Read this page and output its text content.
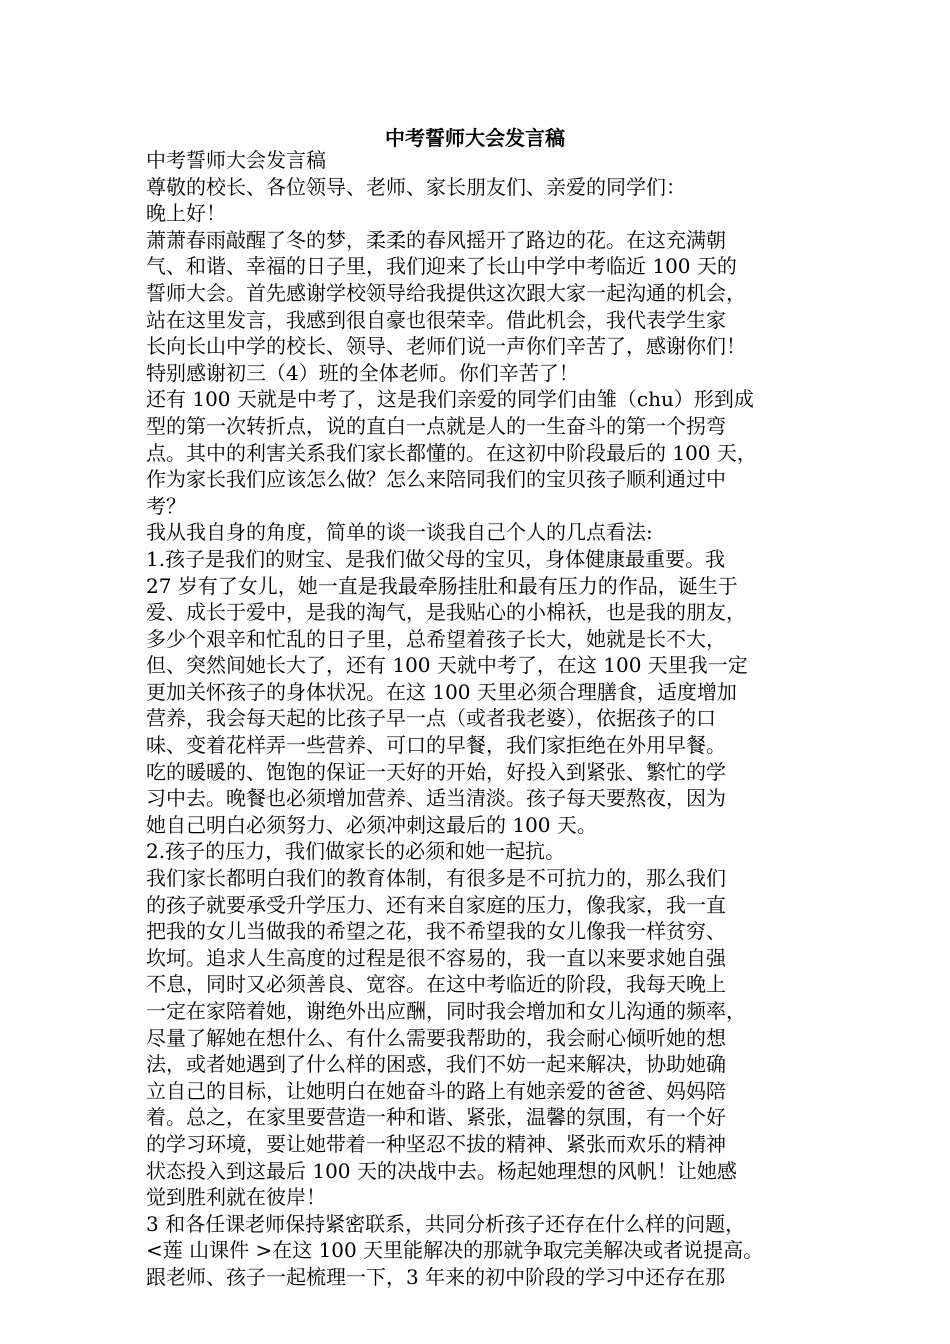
中考誓师大会发言稿
中考誓师大会发言稿
尊敬的校长、各位领导、老师、家长朋友们、亲爱的同学们：
晚上好！
萧萧春雨敲醒了冬的梦，柔柔的春风摇开了路边的花。在这充满朝
气、和谐、幸福的日子里，我们迎来了长山中学中考临近 100 天的
誓师大会。首先感谢学校领导给我提供这次跟大家一起沟通的机会，
站在这里发言，我感到很自豪也很荣幸。借此机会，我代表学生家
长向长山中学的校长、领导、老师们说一声你们辛苦了，感谢你们！
特别感谢初三（4）班的全体老师。你们辛苦了！
还有 100 天就是中考了，这是我们亲爱的同学们由雏（chu）形到成
型的第一次转折点，说的直白一点就是人的一生奋斗的第一个拐弯
点。其中的利害关系我们家长都懂的。在这初中阶段最后的 100 天，
作为家长我们应该怎么做？怎么来陪同我们的宝贝孩子顺利通过中
考？
我从我自身的角度，简单的谈一谈我自己个人的几点看法:
1.孩子是我们的财宝、是我们做父母的宝贝，身体健康最重要。我
27 岁有了女儿，她一直是我最牵肠挂肚和最有压力的作品，诞生于
爱、成长于爱中，是我的淘气，是我贴心的小棉袄，也是我的朋友，
多少个艰辛和忙乱的日子里，总希望着孩子长大，她就是长不大，
但、突然间她长大了，还有 100 天就中考了，在这 100 天里我一定
更加关怀孩子的身体状况。在这 100 天里必须合理膳食，适度增加
营养，我会每天起的比孩子早一点（或者我老婆），依据孩子的口
味、变着花样弄一些营养、可口的早餐，我们家拒绝在外用早餐。
吃的暖暖的、饱饱的保证一天好的开始，好投入到紧张、繁忙的学
习中去。晚餐也必须增加营养、适当清淡。孩子每天要熬夜，因为
她自己明白必须努力、必须冲刺这最后的 100 天。
2.孩子的压力，我们做家长的必须和她一起抗。
我们家长都明白我们的教育体制，有很多是不可抗力的，那么我们
的孩子就要承受升学压力、还有来自家庭的压力，像我家，我一直
把我的女儿当做我的希望之花，我不希望我的女儿像我一样贫穷、
坎坷。追求人生高度的过程是很不容易的，我一直以来要求她自强
不息，同时又必须善良、宽容。在这中考临近的阶段，我每天晚上
一定在家陪着她，谢绝外出应酬，同时我会增加和女儿沟通的频率，
尽量了解她在想什么、有什么需要我帮助的，我会耐心倾听她的想
法，或者她遇到了什么样的困惑，我们不妨一起来解决，协助她确
立自己的目标，让她明白在她奋斗的路上有她亲爱的爸爸、妈妈陪
着。总之，在家里要营造一种和谐、紧张，温馨的氛围，有一个好
的学习环境，要让她带着一种坚忍不拔的精神、紧张而欢乐的精神
状态投入到这最后 100 天的决战中去。杨起她理想的风帆！让她感
觉到胜利就在彼岸！
3 和各任课老师保持紧密联系，共同分析孩子还存在什么样的问题，
<莲 山课件 >在这 100 天里能解决的那就争取完美解决或者说提高。
跟老师、孩子一起梳理一下，3 年来的初中阶段的学习中还存在那
